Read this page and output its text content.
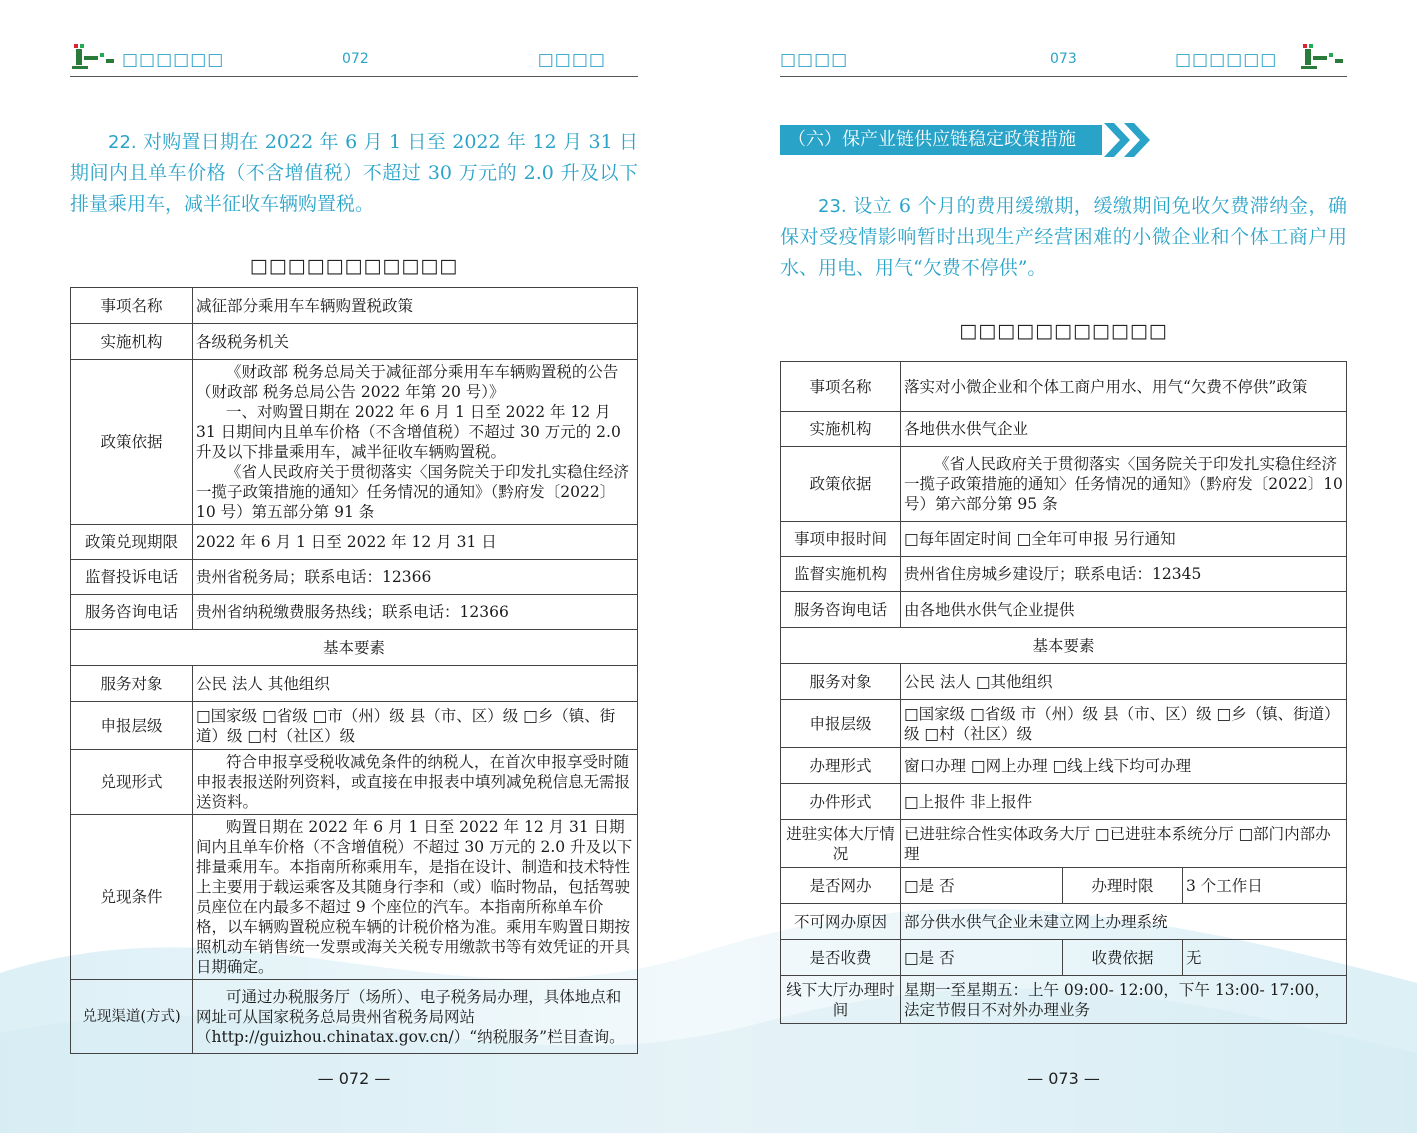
□□□□□□	072	□□□□

22. 对购置日期在 2022 年 6 月 1 日至 2022 年 12 月 31 日期间内且单车价格（不含增值税）不超过 30 万元的 2.0 升及以下排量乘用车，减半征收车辆购置税。

□□□□□□□□□□□
事项名称	减征部分乘用车车辆购置税政策
实施机构	各级税务机关
政策依据	《财政部 税务总局关于减征部分乘用车车辆购置税的公告（财政部 税务总局公告 2022 年第 20 号）》
一、对购置日期在 2022 年 6 月 1 日至 2022 年 12 月 31 日期间内且单车价格（不含增值税）不超过 30 万元的 2.0 升及以下排量乘用车，减半征收车辆购置税。
《省人民政府关于贯彻落实〈国务院关于印发扎实稳住经济一揽子政策措施的通知〉任务情况的通知》（黔府发〔2022〕10 号）第五部分第 91 条

政策兑现期限	2022 年 6 月 1 日至 2022 年 12 月 31 日
监督投诉电话	贵州省税务局；联系电话：12366
服务咨询电话	贵州省纳税缴费服务热线；联系电话：12366
基本要素	
服务对象	公民 法人 其他组织
申报层级	□国家级 □省级 □市（州）级 县（市、区）级 □乡（镇、街道）级 □村（社区）级
兑现形式	符合申报享受税收减免条件的纳税人，在首次申报享受时随申报表报送附列资料，或直接在申报表中填列减免税信息无需报送资料。

兑现条件	购置日期在 2022 年 6 月 1 日至 2022 年 12 月 31 日期间内且单车价格（不含增值税）不超过 30 万元的 2.0 升及以下排量乘用车。本指南所称乘用车，是指在设计、制造和技术特性上主要用于载运乘客及其随身行李和（或）临时物品，包括驾驶员座位在内最多不超过 9 个座位的汽车。本指南所称单车价格，以车辆购置税应税车辆的计税价格为准。乘用车购置日期按照机动车销售统一发票或海关关税专用缴款书等有效凭证的开具日期确定。

兑现渠道(方式)	可通过办税服务厅（场所）、电子税务局办理，具体地点和网址可从国家税务总局贵州省税务局网站（http://guizhou.chinatax.gov.cn/）“纳税服务”栏目查询。
— 072 —
□□□□	073	□□□□□□
（六）保产业链供应链稳定政策措施

23. 设立 6 个月的费用缓缴期，缓缴期间免收欠费滞纳金，确保对受疫情影响暂时出现生产经营困难的小微企业和个体工商户用水、用电、用气“欠费不停供”。

□□□□□□□□□□□
事项名称	落实对小微企业和个体工商户用水、用气“欠费不停供”政策		
实施机构	各地供水供气企业		
政策依据	《省人民政府关于贯彻落实〈国务院关于印发扎实稳住经济一揽子政策措施的通知〉任务情况的通知》（黔府发〔2022〕10 号）第六部分第 95 条		

事项申报时间	□每年固定时间 □全年可申报 另行通知		
监督实施机构	贵州省住房城乡建设厅；联系电话：12345		
服务咨询电话	由各地供水供气企业提供		
基本要素			
服务对象	公民 法人 □其他组织		
申报层级	□国家级 □省级 市（州）级 县（市、区）级 □乡（镇、街道）级 □村（社区）级		
办理形式	窗口办理 □网上办理 □线上线下均可办理		
办件形式	□上报件 非上报件		
进驻实体大厅情况	已进驻综合性实体政务大厅 □已进驻本系统分厅 □部门内部办理		
是否网办	□是 否	办理时限	3 个工作日
不可网办原因	部分供水供气企业未建立网上办理系统		
是否收费	□是 否	收费依据	无
线下大厅办理时间	星期一至星期五：上午 09:00- 12:00，下午 13:00- 17:00，法定节假日不对外办理业务		
— 073 —
